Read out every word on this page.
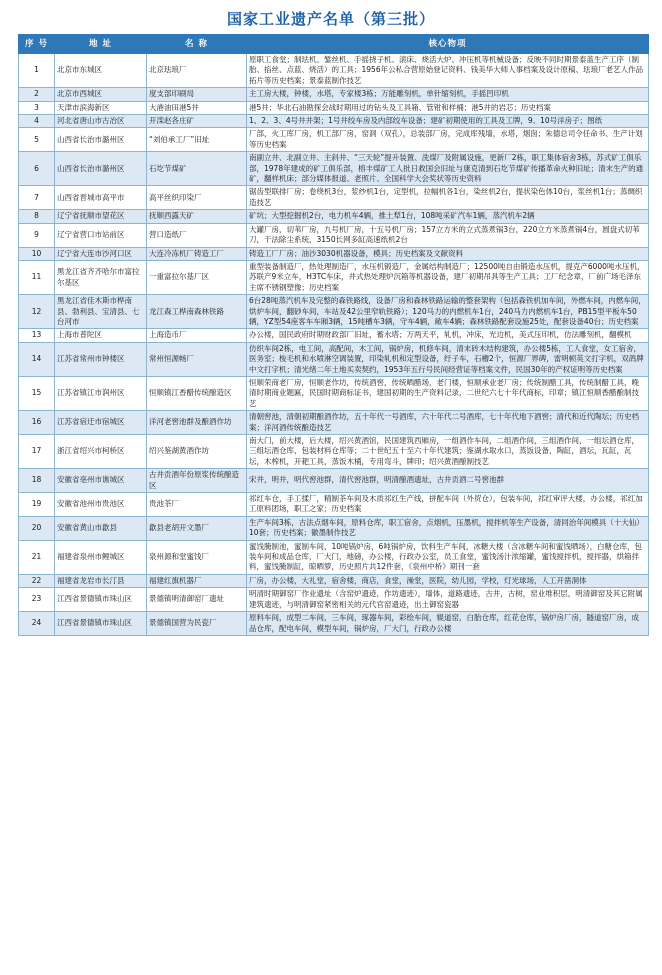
国家工业遗产名单（第三批）
序 号	地 址	名 称	核心物项
1	北京市东城区	北京珐琅厂	原职工食堂；制珐机、錾丝机、手摇挠子机、滚床、烧活大炉、冲压机等机械设备；反映不同时期景泰蓝生产工序（制胎、掐丝、点蓝、烧活）的工具；1956年公私合营原始登记资料、钱美华大师人事档案及设计原稿、珐琅厂老艺人作品拓片等历史档案；景泰蓝制作技艺
2	北京市西城区	度支部印刷局	主工房大楼，钟楼，水塔，专家楼3栋；万能雕刻机，单针缩刻机，手摇凹印机
3	天津市滨海新区	大港油田港5井	港5井；华北石油勘探会战时期用过的钻头及工具箱、管钳和样桶；港5井的岩芯；历史档案
4	河北省唐山市古冶区	开滦赵各庄矿	1、2、3、4号井井架；1号井绞车房及内部绞车设备；建矿初期使用的工具及工牌，9、10号洋房子；图纸
5	山西省长治市潞州区	“刘伯承工厂”旧址	厂部，火工库厂房，机工部厂房，窑洞（双孔），总装部厂房，完成库残墙，水塔，烟囱；朱德总司令任命书、生产计划等历史档案
6	山西省长治市潞州区	石圪节煤矿	南副立井、北副立井、主斜井、“三天轮”提升装置、洗煤厂及附属设施，更新厂2栋，职工集体宿舍3栋，苏式矿工俱乐部，1978年建成的矿工俱乐部，榕丰煤矿工人批日救国会旧址与康克清到石圪节煤矿传播革命火种旧址；清末生产的通矿，翻样机床；部分媒体报道、老照片、全国科学大会奖状等历史资料
7	山西省晋城市高平市	高平丝织印染厂	锯齿型联排厂房；卷绕机3台，浆纱机1台，定型机，拉幅机各1台，染丝机2台，提状染色体10台，浆丝机1台；蒸绸织造技艺
8	辽宁省抚顺市望花区	抚顺西露天矿	矿坑；大型挖掘机2台，电力机车4辆，推土犁1台，108吨采矿汽车1辆，蒸汽机车2辆
9	辽宁省营口市站前区	营口造纸厂	大罐厂房，切苇厂房，九号机厂房，十五号机厂房；157立方米的立式蒸煮锅3台，220立方米蒸煮锅4台，圆盘式切苇刀，干法除尘系统，3150长网多缸高速纸机2台
10	辽宁省大连市沙河口区	大连冷冻机厂铸造工厂	铸造工厂厂房；油沙3030机器设备，模具；历史档案及文献资料
11	黑龙江省齐齐哈尔市富拉尔基区	一重富拉尔基厂区	重型装备制造厂，热处理制造厂，水压机锻造厂，金属结构制造厂；12500吨自由锻造水压机，提克产6000吨水压机，苏联产9米立车，H3TC车床，井式热处理炉沉箱等机器设备，建厂初期吊具等生产工具；工厂纪念章，厂前广场毛泽东主席不锈钢塑像；历史档案
12	黑龙江省佳木斯市桦南县、勃利县、宝清县、七台河市	龙江森工桦南森林铁路	6台28吨蒸汽机车及完整的森铁路线，设备厂房和森林铁路运输的整套架构（包括森铁机加车间，外燃车间，内燃车间，烘炉车间，翻砂车间，车站及42公里窄轨铁路）；120马力的内燃机车1台，240马力内燃机车1台，PB15型平板车50辆，YZ型54座客车车厢3辆，15吨槽车3辆，守车4辆，敞车4辆；森林铁路配套设施25处，配套设备40台；历史档案
13	上海市普陀区	上海造币厂	办公楼，国民政府时期财政部厂旧址，蓄水塔；万两天平，轧机，冲床，光边机，美式压印机，仿法雕刻机，翻模机
14	江苏省常州市钟楼区	常州恒源畅厂	仿织车间2栋，电工间，高配间，木工间，锅炉房，机修车间，清末砖木结构建筑，办公楼5栋，工人食堂，女工宿舍，医务室；梭毛机和水喷淋空调装置，印染轧机和定型设备，纡子车，石槽2个，恒源厂界碑，雷明顿英文打字机，双鸽牌中文打字机；清光绪二年土地买卖契约，1953年五行号民间经营证等档案文件，民国30年的产权证明等历史档案
15	江苏省镇江市润州区	恒顺镇江香醋传统酿造区	恒顺荣商老厂房，恒顺老作坊，传统酒窖，传统晒醋场，老门楼，恒顺承业老厂房；传统制醋工具，传统制醋工具，晚清时期商业题匾，民国时期商标证书，建国初期的生产资料记录，二世纪六七十年代商标，印章；镇江恒顺香醋酿制技艺
16	江苏省宿迁市宿城区	洋河老窖池群及酿酒作坊	清朝窖池，清朝初期酿酒作坊，五十年代一号酒库，六十年代二号酒库，七十年代地下酒窖；清代和近代陶坛；历史档案；洋河酒传统酿造技艺
17	浙江省绍兴市柯桥区	绍兴鉴湖黄酒作坊	南大门，前大楼，后大楼，绍兴黄酒馆，民国建筑西厢房，一组酒作车间，二组酒作间，三组酒作间，一组坛酒仓库，三组坛酒仓库，包装材料仓库等；二十世纪五十至六十年代建筑；鉴湖水取水口，蒸饭设备，陶缸，酒坛，瓦缸，瓦坛，木榨机，开耙工具，蒸饭木桶，专用弯斗，牌印；绍兴黄酒酿制技艺
18	安徽省亳州市谯城区	古井贡酒年份原浆传统酿造区	宋井，明井，明代窖池群，清代窖池群，明清酿酒遗址，古井贡酒二号窖池群
19	安徽省池州市贵池区	贵池茶厂	祁红车仓，手工揉厂，精制茶车间及木质祁红生产线，拼配车间（外贸仓），包装车间，祁红审评大楼，办公楼，祁红加工原料团场，职工之家；历史档案
20	安徽省黄山市歙县	歙县老胡开文墨厂	生产车间3栋，古法点烟车间，原料仓库，职工宿舍，点烟机，压墨机，搅拌机等生产设备，清同治年间模具（十大仙）10套；历史档案；徽墨制作技艺
21	福建省泉州市鲤城区	泉州源和堂蜜饯厂	蜜饯腌制池，蜜制车间，10吨锅炉房，6吨锅炉房，饮料生产车间，冰糖大楼（含冰糖车间和蜜饯晒场），白糖仓库，包装车间和成品仓库，厂大门，地磅，办公楼，行政办公室，员工食堂，蜜饯汤汁浓缩罐，蜜饯搅拌机，搅拌器，烘箱拌料，蜜饯腌制缸，晾晒箩，历史照片共12件套，《泉州中桥》期刊一套
22	福建省龙岩市长汀县	福建红旗机器厂	厂房，办公楼，大礼堂，宿舍楼，商店，食堂，澡堂，医院，幼儿园，学校，灯光球场，人工开凿洞体
23	江西省景德镇市珠山区	景德镇明清御窑厂遗址	明清时期御窑厂作业遗址（含窑炉遗迹，作坊遗迹），墙体，道路遗迹，古井，古树，窑业堆积层，明清御窑及其它附属建筑遗迹，与明清御窑紧密相关的元代官窑遗迹，出土御窑瓷器
24	江西省景德镇市珠山区	景德镇国营为民瓷厂	原料车间，成型二车间，三车间，琢器车间，彩绘车间，辊道窑，白胎仓库，红花仓库，锅炉房厂房，隧道窑厂房，成品仓库，配电车间，模型车间，锅炉房，厂大门，行政办公楼
